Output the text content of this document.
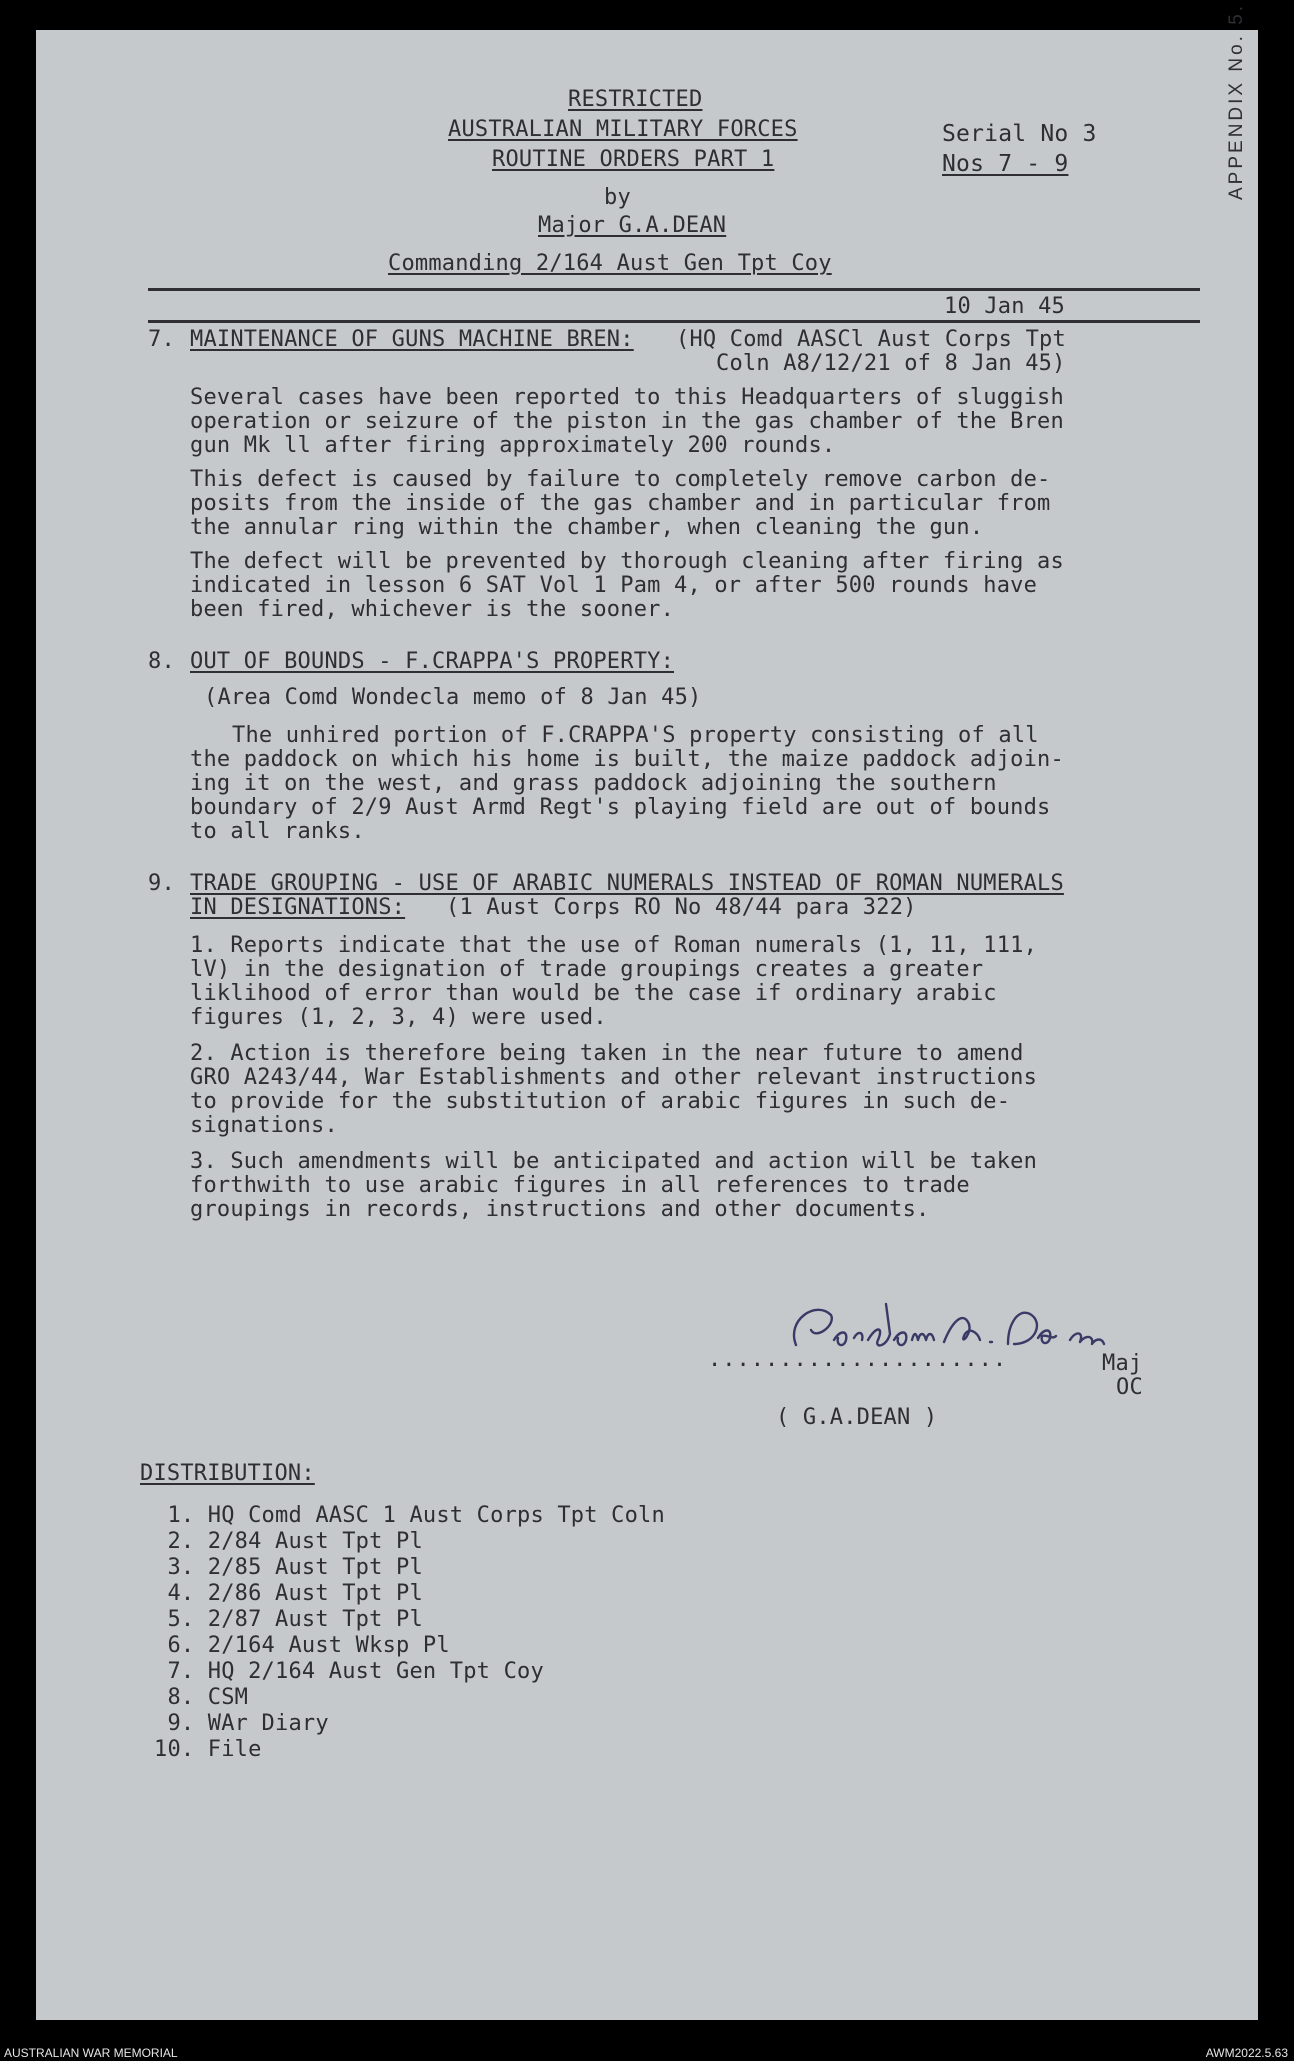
RESTRICTED
AUSTRALIAN MILITARY FORCES
ROUTINE ORDERS PART 1
by
Major G.A.DEAN
Commanding 2/164 Aust Gen Tpt Coy
Serial No 3
Nos 7 - 9
10 Jan 45
APPENDIX No. 5.
7. MAINTENANCE OF GUNS MACHINE BREN: (HQ Comd AASCl Aust Corps Tpt
Coln A8/12/21 of 8 Jan 45)
Several cases have been reported to this Headquarters of sluggish
operation or seizure of the piston in the gas chamber of the Bren
gun Mk ll after firing approximately 200 rounds.
This defect is caused by failure to completely remove carbon de-
posits from the inside of the gas chamber and in particular from
the annular ring within the chamber, when cleaning the gun.
The defect will be prevented by thorough cleaning after firing as
indicated in lesson 6 SAT Vol 1 Pam 4, or after 500 rounds have
been fired, whichever is the sooner.
8. OUT OF BOUNDS - F.CRAPPA'S PROPERTY:
(Area Comd Wondecla memo of 8 Jan 45)
The unhired portion of F.CRAPPA'S property consisting of all
the paddock on which his home is built, the maize paddock adjoin-
ing it on the west, and grass paddock adjoining the southern
boundary of 2/9 Aust Armd Regt's playing field are out of bounds
to all ranks.
9. TRADE GROUPING - USE OF ARABIC NUMERALS INSTEAD OF ROMAN NUMERALS
IN DESIGNATIONS: (1 Aust Corps RO No 48/44 para 322)
1. Reports indicate that the use of Roman numerals (1, 11, 111,
lV) in the designation of trade groupings creates a greater
liklihood of error than would be the case if ordinary arabic
figures (1, 2, 3, 4) were used.
2. Action is therefore being taken in the near future to amend
GRO A243/44, War Establishments and other relevant instructions
to provide for the substitution of arabic figures in such de-
signations.
3. Such amendments will be anticipated and action will be taken
forthwith to use arabic figures in all references to trade
groupings in records, instructions and other documents.
.....................	Maj
OC
( G.A.DEAN )
DISTRIBUTION:
1. HQ Comd AASC 1 Aust Corps Tpt Coln
2. 2/84 Aust Tpt Pl
3. 2/85 Aust Tpt Pl
4. 2/86 Aust Tpt Pl
5. 2/87 Aust Tpt Pl
6. 2/164 Aust Wksp Pl
7. HQ 2/164 Aust Gen Tpt Coy
8. CSM
9. WAr Diary
10. File
AUSTRALIAN WAR MEMORIAL	AWM2022.5.63
